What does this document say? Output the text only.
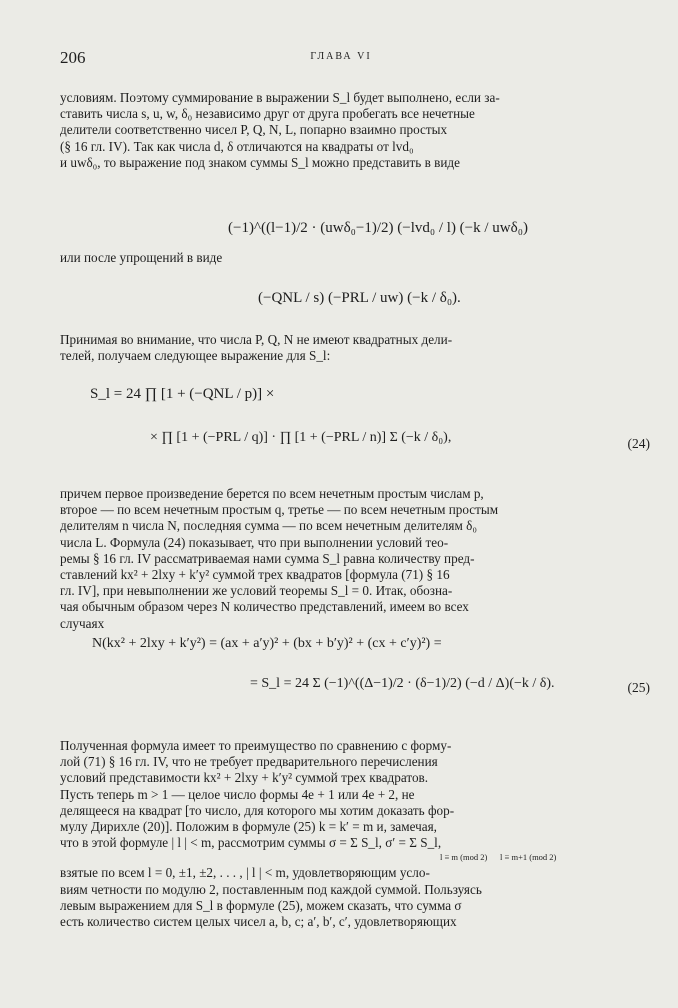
206	ГЛАВА VI
условиям. Поэтому суммирование в выражении S_l будет выполнено, если за-
ставить числа s, u, w, δ₀ независимо друг от друга пробегать все нечетные
делители соответственно чисел P, Q, N, L, попарно взаимно простых
(§ 16 гл. IV). Так как числа d, δ отличаются на квадраты от lvd₀
и uwδ₀, то выражение под знаком суммы S_l можно представить в виде
(−1)^((l−1)/2 · (uwδ₀−1)/2) (−lvd₀ / l) (−k / uwδ₀)
или после упрощений в виде
(−QNL / s) (−PRL / uw) (−k / δ₀).
Принимая во внимание, что числа P, Q, N не имеют квадратных дели-
телей, получаем следующее выражение для S_l:
S_l = 24 ∏ [1 + (−QNL / p)] ×
× ∏ [1 + (−PRL / q)] · ∏ [1 + (−PRL / n)] Σ (−k / δ₀),	(24)
причем первое произведение берется по всем нечетным простым числам p,
второе — по всем нечетным простым q, третье — по всем нечетным простым
делителям n числа N, последняя сумма — по всем нечетным делителям δ₀
числа L. Формула (24) показывает, что при выполнении условий тео-
ремы § 16 гл. IV рассматриваемая нами сумма S_l равна количеству пред-
ставлений kx² + 2lxy + k′y² суммой трех квадратов [формула (71) § 16
гл. IV], при невыполнении же условий теоремы S_l = 0. Итак, обознa-
чая обычным образом через N количество представлений, имеем во всех
случаях
N(kx² + 2lxy + k′y²) = (ax + a′y)² + (bx + b′y)² + (cx + c′y)²) =
= S_l = 24 Σ (−1)^((Δ−1)/2 · (δ−1)/2) (−d / Δ)(−k / δ).	(25)
Полученная формула имеет то преимущество по сравнению с форму-
лой (71) § 16 гл. IV, что не требует предварительного перечисления
условий представимости kx² + 2lxy + k′y² суммой трех квадратов.
Пусть теперь m > 1 — целое число формы 4e + 1 или 4e + 2, не
делящееся на квадрат [то число, для которого мы хотим доказать фор-
мулу Дирихле (20)]. Положим в формуле (25) k = k′ = m и, замечая,
что в этой формуле | l | < m, рассмотрим суммы σ = Σ S_l, σ′ = Σ S_l,
l ≡ m (mod 2) l ≡ m+1 (mod 2)
взятые по всем l = 0, ±1, ±2, . . . , | l | < m, удовлетворяющим усло-
виям четности по модулю 2, поставленным под каждой суммой. Пользуясь
левым выражением для S_l в формуле (25), можем сказать, что сумма σ
есть количество систем целых чисел a, b, c; a′, b′, c′, удовлетворяющих
